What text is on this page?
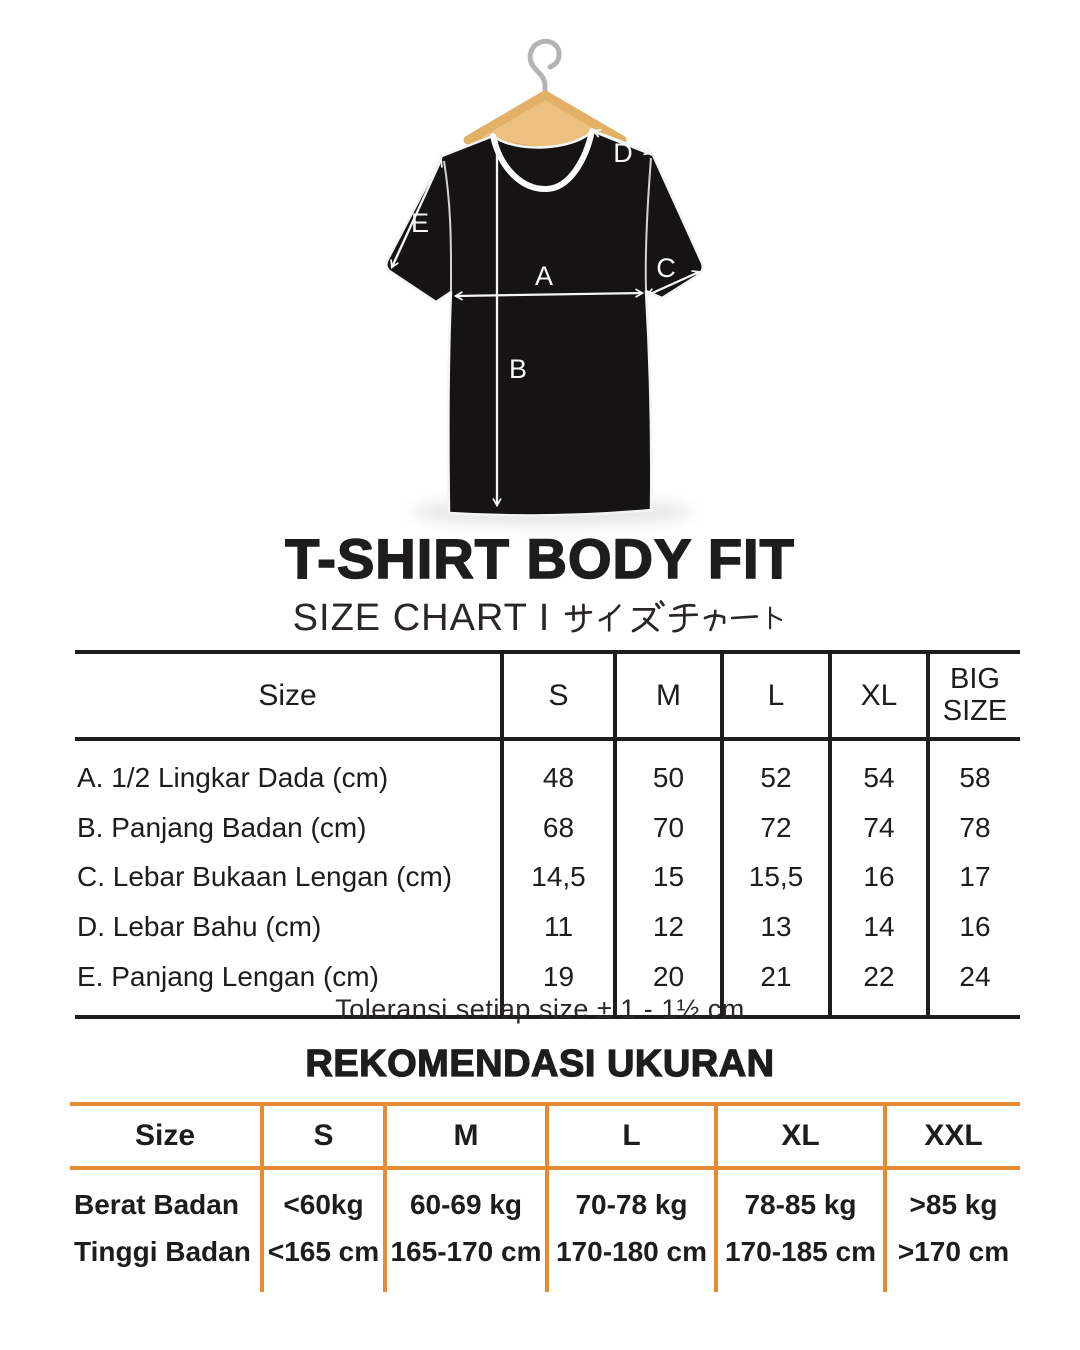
A
B
C
D
E
T-SHIRT BODY FIT
SIZE CHART I
Size	S	M	L	XL	BIG SIZE
A. 1/2 Lingkar Dada (cm)	48	50	52	54	58
B. Panjang Badan (cm)	68	70	72	74	78
C. Lebar Bukaan Lengan (cm)	14,5	15	15,5	16	17
D. Lebar Bahu (cm)	11	12	13	14	16
E. Panjang Lengan (cm)	19	20	21	22	24
Toleransi setiap size ± 1 - 1½ cm
REKOMENDASI UKURAN
Size	S	M	L	XL	XXL
Berat Badan	<60kg	60-69 kg	70-78 kg	78-85 kg	>85 kg
Tinggi Badan	<165 cm	165-170 cm	170-180 cm	170-185 cm	>170 cm
